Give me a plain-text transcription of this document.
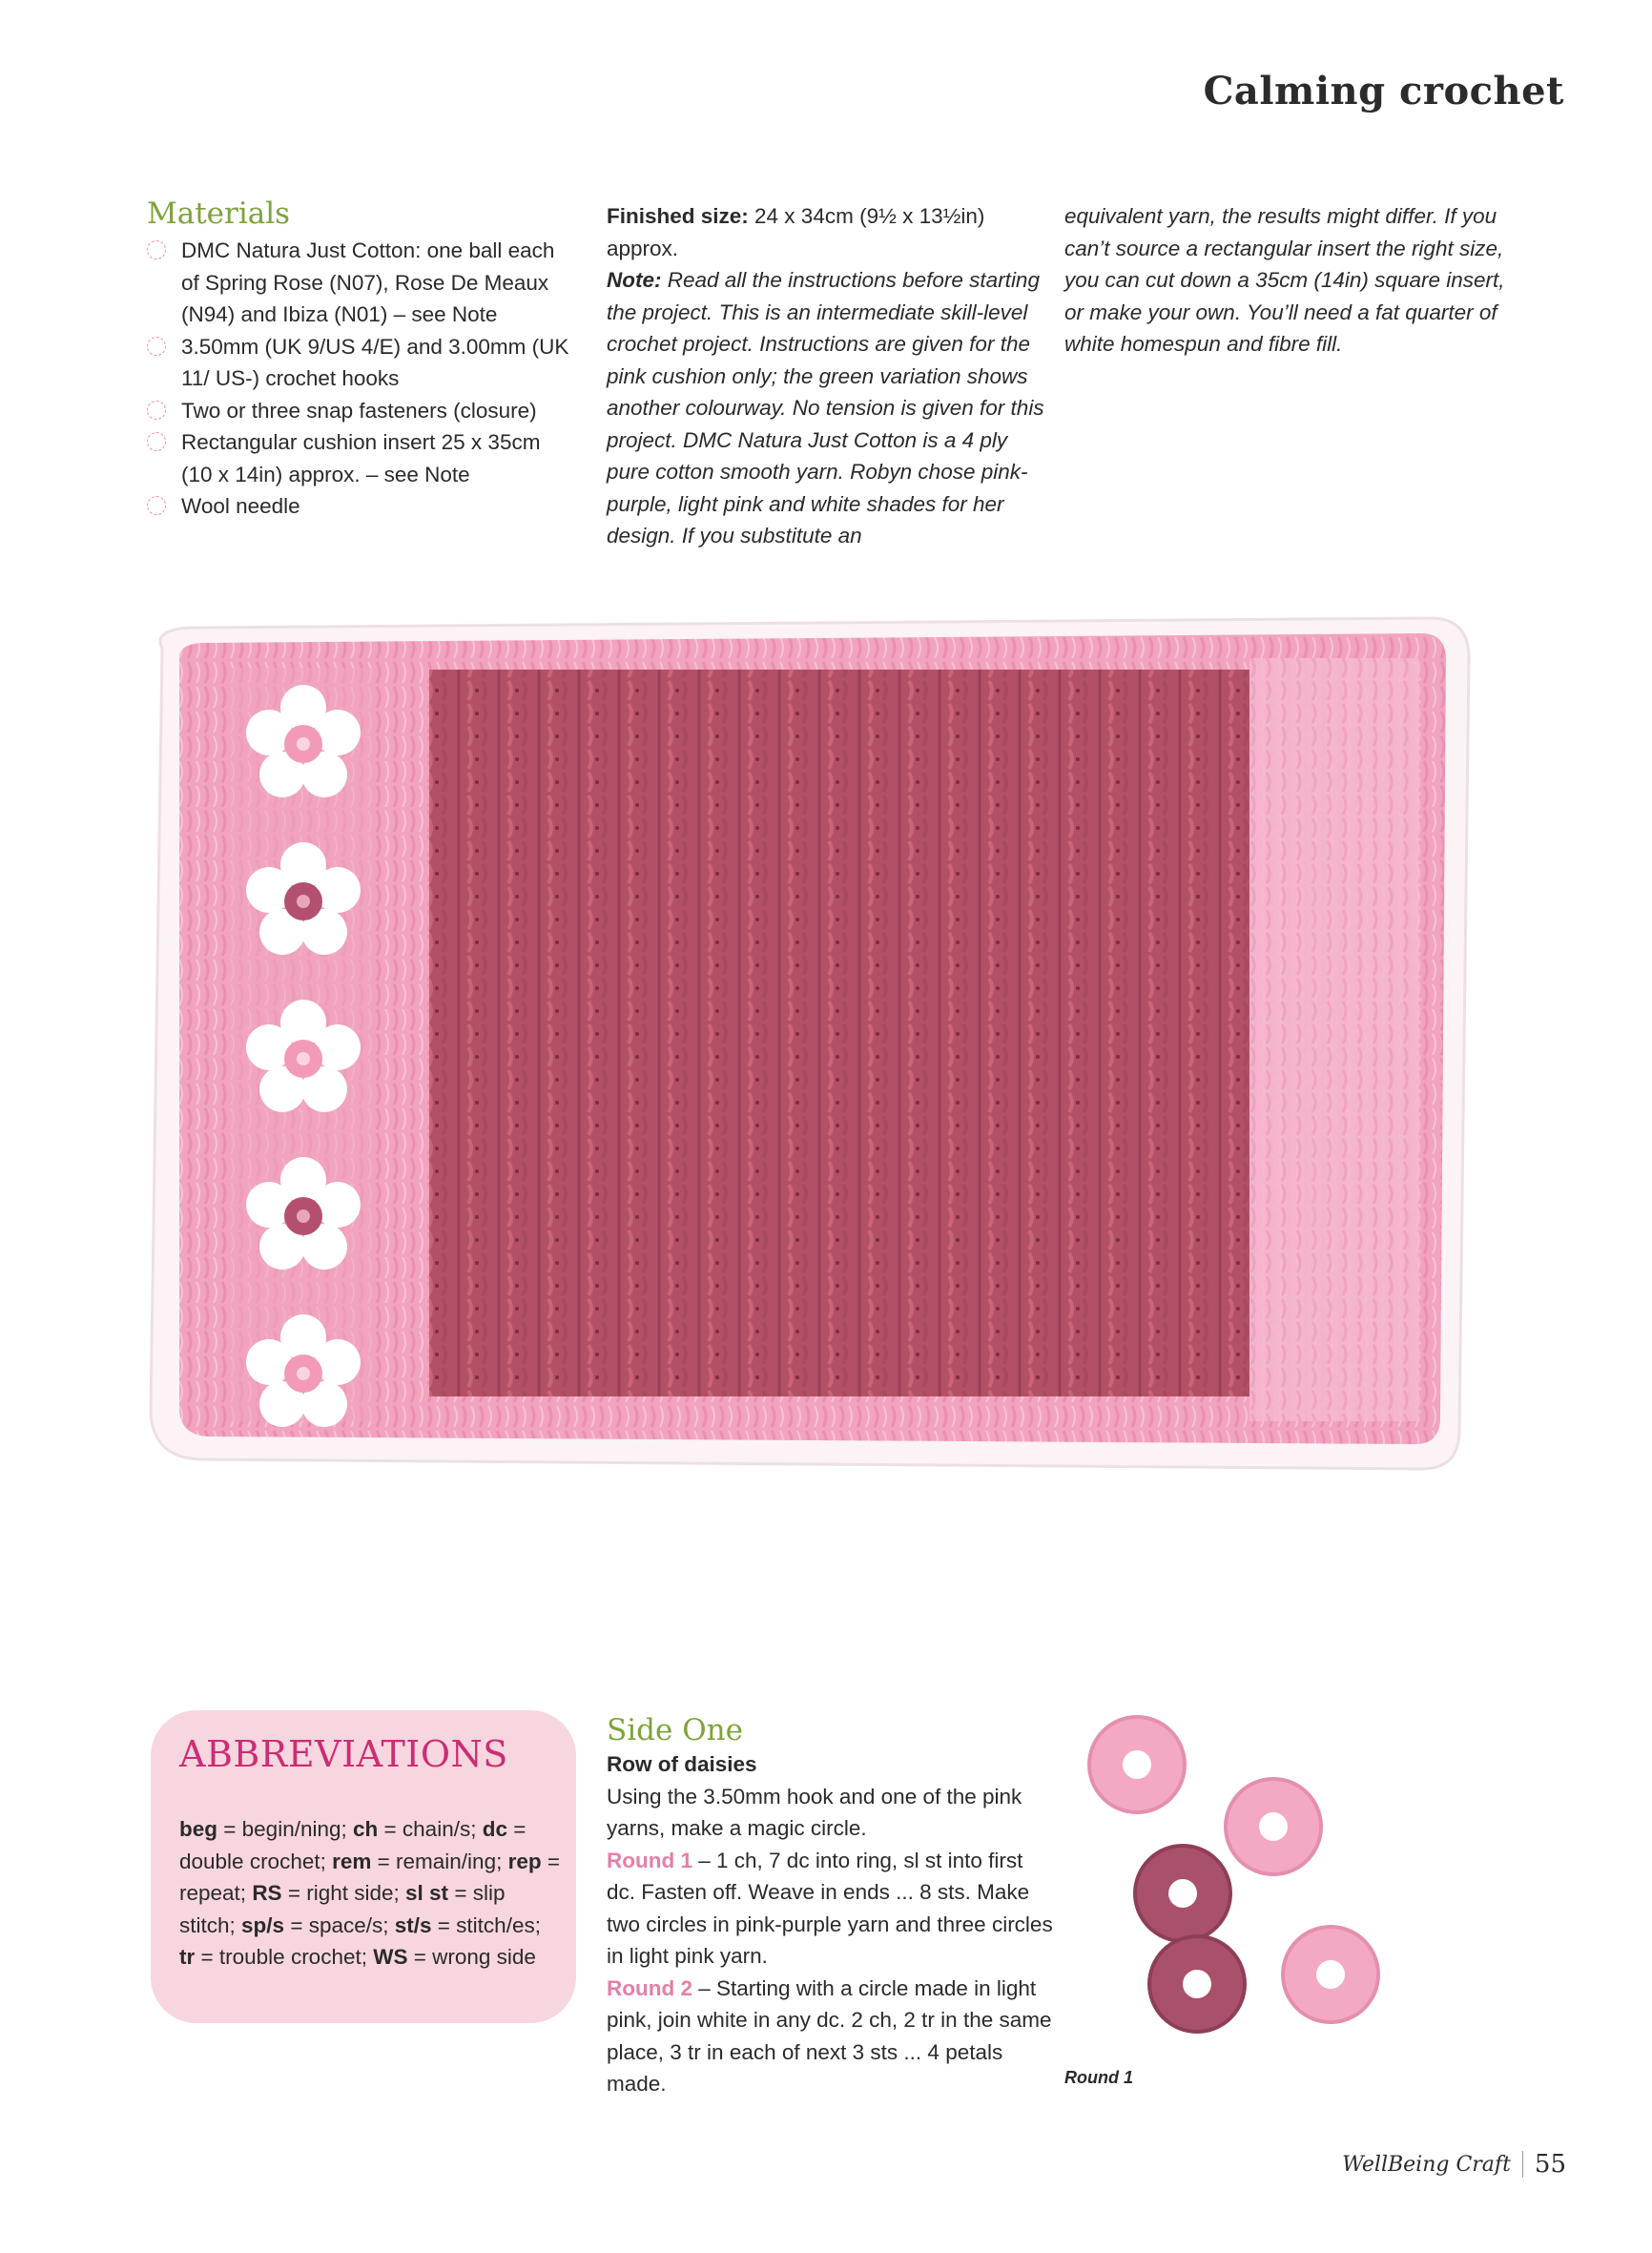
Calming crochet
Materials
DMC Natura Just Cotton: one ball each of Spring Rose (N07), Rose De Meaux (N94) and Ibiza (N01) – see Note
3.50mm (UK 9/US 4/E) and 3.00mm (UK 11/ US-) crochet hooks
Two or three snap fasteners (closure)
Rectangular cushion insert 25 x 35cm (10 x 14in) approx. – see Note
Wool needle
Finished size: 24 x 34cm (9½ x 13½in) approx.
Note: Read all the instructions before starting the project. This is an intermediate skill-level crochet project. Instructions are given for the pink cushion only; the green variation shows another colourway. No tension is given for this project. DMC Natura Just Cotton is a 4 ply pure cotton smooth yarn. Robyn chose pink-purple, light pink and white shades for her design. If you substitute an
equivalent yarn, the results might differ. If you can’t source a rectangular insert the right size, you can cut down a 35cm (14in) square insert, or make your own. You’ll need a fat quarter of white homespun and fibre fill.
ABBREVIATIONS
beg = begin/ning; ch = chain/s; dc = double crochet; rem = remain/ing; rep = repeat; RS = right side; sl st = slip stitch; sp/s = space/s; st/s = stitch/es; tr = trouble crochet; WS = wrong side
Side One
Row of daisies
Using the 3.50mm hook and one of the pink yarns, make a magic circle.
Round 1 – 1 ch, 7 dc into ring, sl st into first dc. Fasten off. Weave in ends ... 8 sts. Make two circles in pink-purple yarn and three circles in light pink yarn.
Round 2 – Starting with a circle made in light pink, join white in any dc. 2 ch, 2 tr in the same place, 3 tr in each of next 3 sts ... 4 petals made.	Round 1
WellBeing Craft 55
